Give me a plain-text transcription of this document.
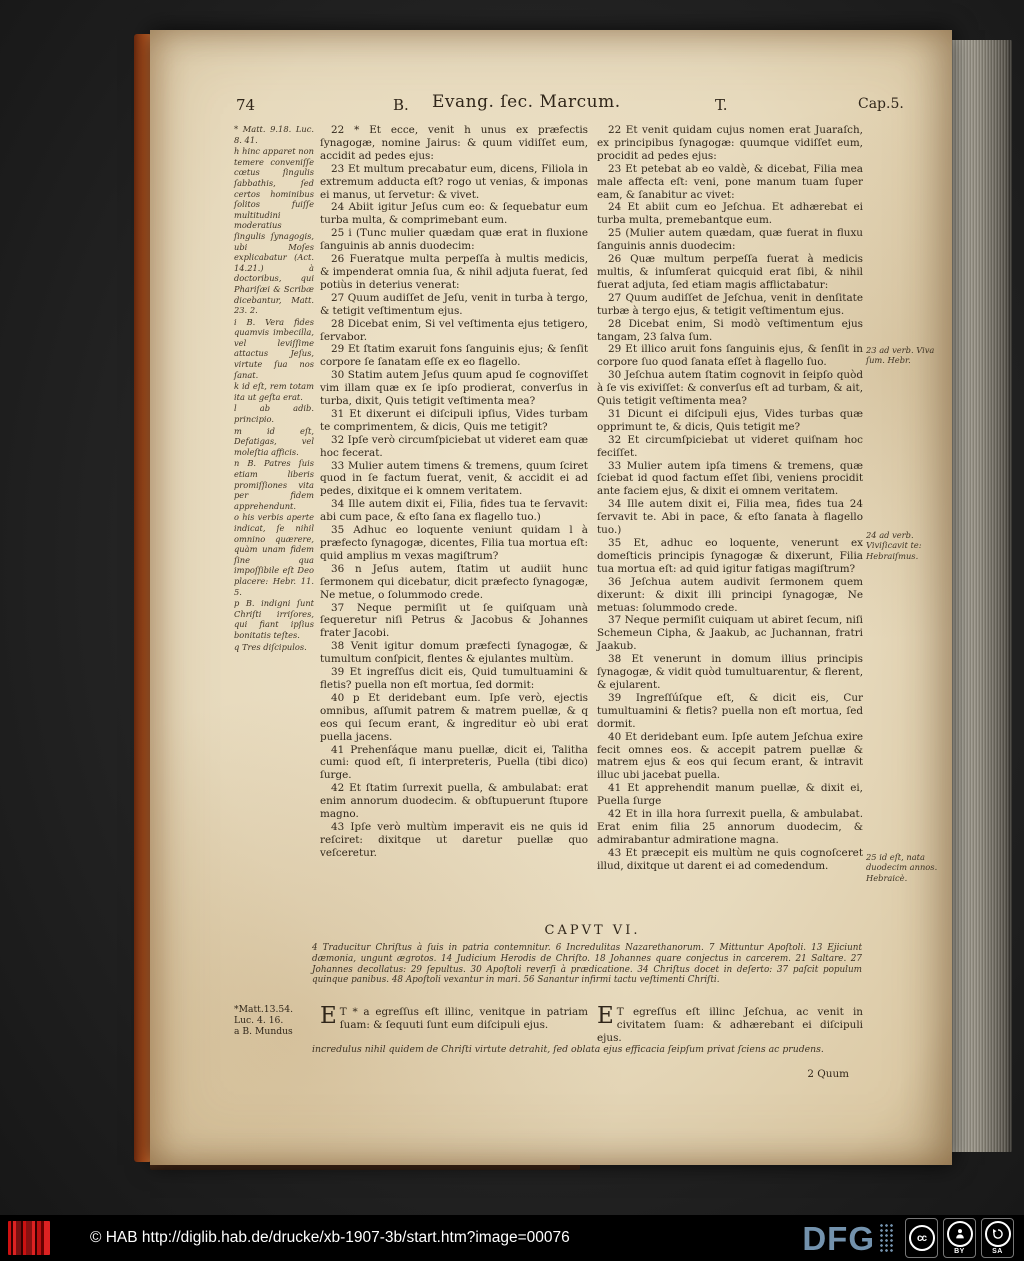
74	B. Evang. ſec. Marcum.	T.	Cap.5.

* Matt. 9.18. Luc. 8. 41.

h hinc apparet non temere conveniſſe cœtus ſingulis ſabbathis, ſed certos hominibus ſolitos fuiſſe multitudini moderatius ſingulis ſynagogis, ubi Moſes explicabatur (Act. 14.21.) à doctoribus, qui Phariſæi & Scribæ dicebantur, Matt. 23. 2.

i B. Vera fides quamvis imbecilla, vel leviſſime attactus Jeſus, virtute ſua nos ſanat.

k id eſt, rem totam ita ut geſta erat.

l ab adib. principio.

m id eſt, Defatigas, vel moleſtia afficis.

n B. Patres ſuis etiam liberis promiſſiones vita per fidem apprehendunt.

o his verbis aperte indicat, ſe nihil omnino quærere, quàm unam fidem ſine qua impoſſibile eſt Deo placere: Hebr. 11. 5.

p B. indigni ſunt Chriſti irriſores, qui fiant ipſius bonitatis teſtes.

q Tres diſcipulos.

22 * Et ecce, venit h unus ex præfectis ſynagogæ, nomine Jairus: & quum vidiſſet eum, accidit ad pedes ejus:

23 Et multum precabatur eum, dicens, Filiola in extremum adducta eſt? rogo ut venias, & imponas ei manus, ut ſervetur: & vivet.

24 Abiit igitur Jeſus cum eo: & ſequebatur eum turba multa, & comprimebant eum.

25 i (Tunc mulier quædam quæ erat in fluxione ſanguinis ab annis duodecim:

26 Fueratque multa perpeſſa à multis medicis, & impenderat omnia ſua, & nihil adjuta fuerat, ſed potiùs in deterius venerat:

27 Quum audiſſet de Jeſu, venit in turba à tergo, & tetigit veſtimentum ejus.

28 Dicebat enim, Si vel veſtimenta ejus tetigero, ſervabor.

29 Et ſtatim exaruit fons ſanguinis ejus; & ſenſit corpore ſe ſanatam eſſe ex eo flagello.

30 Statim autem Jeſus quum apud ſe cognoviſſet vim illam quæ ex ſe ipſo prodierat, converſus in turba, dixit, Quis tetigit veſtimenta mea?

31 Et dixerunt ei diſcipuli ipſius, Vides turbam te comprimentem, & dicis, Quis me tetigit?

32 Ipſe verò circumſpiciebat ut videret eam quæ hoc fecerat.

33 Mulier autem timens & tremens, quum ſciret quod in ſe factum fuerat, venit, & accidit ei ad pedes, dixitque ei k omnem veritatem.

34 Ille autem dixit ei, Filia, fides tua te ſervavit: abi cum pace, & eſto ſana ex flagello tuo.)

35 Adhuc eo loquente veniunt quidam l à præfecto ſynagogæ, dicentes, Filia tua mortua eſt: quid amplius m vexas magiſtrum?

36 n Jeſus autem, ſtatim ut audiit hunc ſermonem qui dicebatur, dicit præfecto ſynagogæ, Ne metue, o ſolummodo crede.

37 Neque permiſit ut ſe quiſquam unà ſequeretur niſi Petrus & Jacobus & Johannes frater Jacobi.

38 Venit igitur domum præfecti ſynagogæ, & tumultum conſpicit, flentes & ejulantes multùm.

39 Et ingreſſus dicit eis, Quid tumultuamini & fletis? puella non eſt mortua, ſed dormit:

40 p Et deridebant eum. Ipſe verò, ejectis omnibus, aſſumit patrem & matrem puellæ, & q eos qui ſecum erant, & ingreditur eò ubi erat puella jacens.

41 Prehenſáque manu puellæ, dicit ei, Talitha cumi: quod eſt, ſi interpreteris, Puella (tibi dico) ſurge.

42 Et ſtatim ſurrexit puella, & ambulabat: erat enim annorum duodecim. & obſtupuerunt ſtupore magno.

43 Ipſe verò multùm imperavit eis ne quis id reſciret: dixitque ut daretur puellæ quo veſceretur.

22 Et venit quidam cujus nomen erat Juaraſch, ex principibus ſynagogæ: quumque vidiſſet eum, procidit ad pedes ejus:

23 Et petebat ab eo valdè, & dicebat, Filia mea male affecta eſt: veni, pone manum tuam ſuper eam, & ſanabitur ac vivet:

24 Et abiit cum eo Jeſchua. Et adhærebat ei turba multa, premebantque eum.

25 (Mulier autem quædam, quæ fuerat in fluxu ſanguinis annis duodecim:

26 Quæ multum perpeſſa fuerat à medicis multis, & inſumſerat quicquid erat ſibi, & nihil fuerat adjuta, ſed etiam magis afflictabatur:

27 Quum audiſſet de Jeſchua, venit in denſitate turbæ à tergo ejus, & tetigit veſtimentum ejus.

28 Dicebat enim, Si modò veſtimentum ejus tangam, 23 ſalva ſum.

29 Et illico aruit fons ſanguinis ejus, & ſenſit in corpore ſuo quod ſanata eſſet à flagello ſuo.

30 Jeſchua autem ſtatim cognovit in ſeipſo quòd à ſe vis exiviſſet: & converſus eſt ad turbam, & ait, Quis tetigit veſtimenta mea?

31 Dicunt ei diſcipuli ejus, Vides turbas quæ opprimunt te, & dicis, Quis tetigit me?

32 Et circumſpiciebat ut videret quiſnam hoc feciſſet.

33 Mulier autem ipſa timens & tremens, quæ ſciebat id quod factum eſſet ſibi, veniens procidit ante faciem ejus, & dixit ei omnem veritatem.

34 Ille autem dixit ei, Filia mea, fides tua 24 ſervavit te. Abi in pace, & eſto ſanata à flagello tuo.)

35 Et, adhuc eo loquente, venerunt ex domeſticis principis ſynagogæ & dixerunt, Filia tua mortua eſt: ad quid igitur fatigas magiſtrum?

36 Jeſchua autem audivit ſermonem quem dixerunt: & dixit illi principi ſynagogæ, Ne metuas: ſolummodo crede.

37 Neque permiſit cuiquam ut abiret ſecum, niſi Schemeun Cipha, & Jaakub, ac Juchannan, fratri Jaakub.

38 Et venerunt in domum illius principis ſynagogæ, & vidit quòd tumultuarentur, & flerent, & ejularent.

39 Ingreſſúſque eſt, & dicit eis, Cur tumultuamini & fletis? puella non eſt mortua, ſed dormit.

40 Et deridebant eum. Ipſe autem Jeſchua exire fecit omnes eos. & accepit patrem puellæ & matrem ejus & eos qui ſecum erant, & intravit illuc ubi jacebat puella.

41 Et apprehendit manum puellæ, & dixit ei, Puella ſurge

42 Et in illa hora ſurrexit puella, & ambulabat. Erat enim filia 25 annorum duodecim, & admirabantur admiratione magna.

43 Et præcepit eis multùm ne quis cognoſceret illud, dixitque ut darent ei ad comedendum.

23 ad verb. Viva ſum. Hebr.
24 ad verb. Viviſicavit te: Hebraiſmus.
25 id eſt, nata duodecim annos. Hebraicè.
CAPVT VI.
4 Traducitur Chriſtus à ſuis in patria contemnitur. 6 Incredulitas Nazarethanorum. 7 Mittuntur Apoſtoli. 13 Ejiciunt dæmonia, ungunt ægrotos. 14 Judicium Herodis de Chriſto. 18 Johannes quare conjectus in carcerem. 21 Saltare. 27 Johannes decollatus: 29 ſepultus. 30 Apoſtoli reverſi à prædicatione. 34 Chriſtus docet in deſerto: 37 paſcit populum quinque panibus. 48 Apoſtoli vexantur in mari. 56 Sanantur infirmi tactu veſtimenti Chriſti.

*Matt.13.54.

Luc. 4. 16.

a B. Mundus

ET * a egreſſus eſt illinc, venitque in patriam ſuam: & ſequuti ſunt eum diſcipuli ejus.	ET egreſſus eſt illinc Jeſchua, ac venit in civitatem ſuam: & adhærebant ei diſcipuli ejus.

incredulus nihil quidem de Chriſti virtute detrahit, ſed oblata ejus efficacia ſeipſum privat ſciens ac prudens.
2 Quum
© HAB http://diglib.hab.de/drucke/xb-1907-3b/start.htm?image=00076	DFG	cc
BY	SA
